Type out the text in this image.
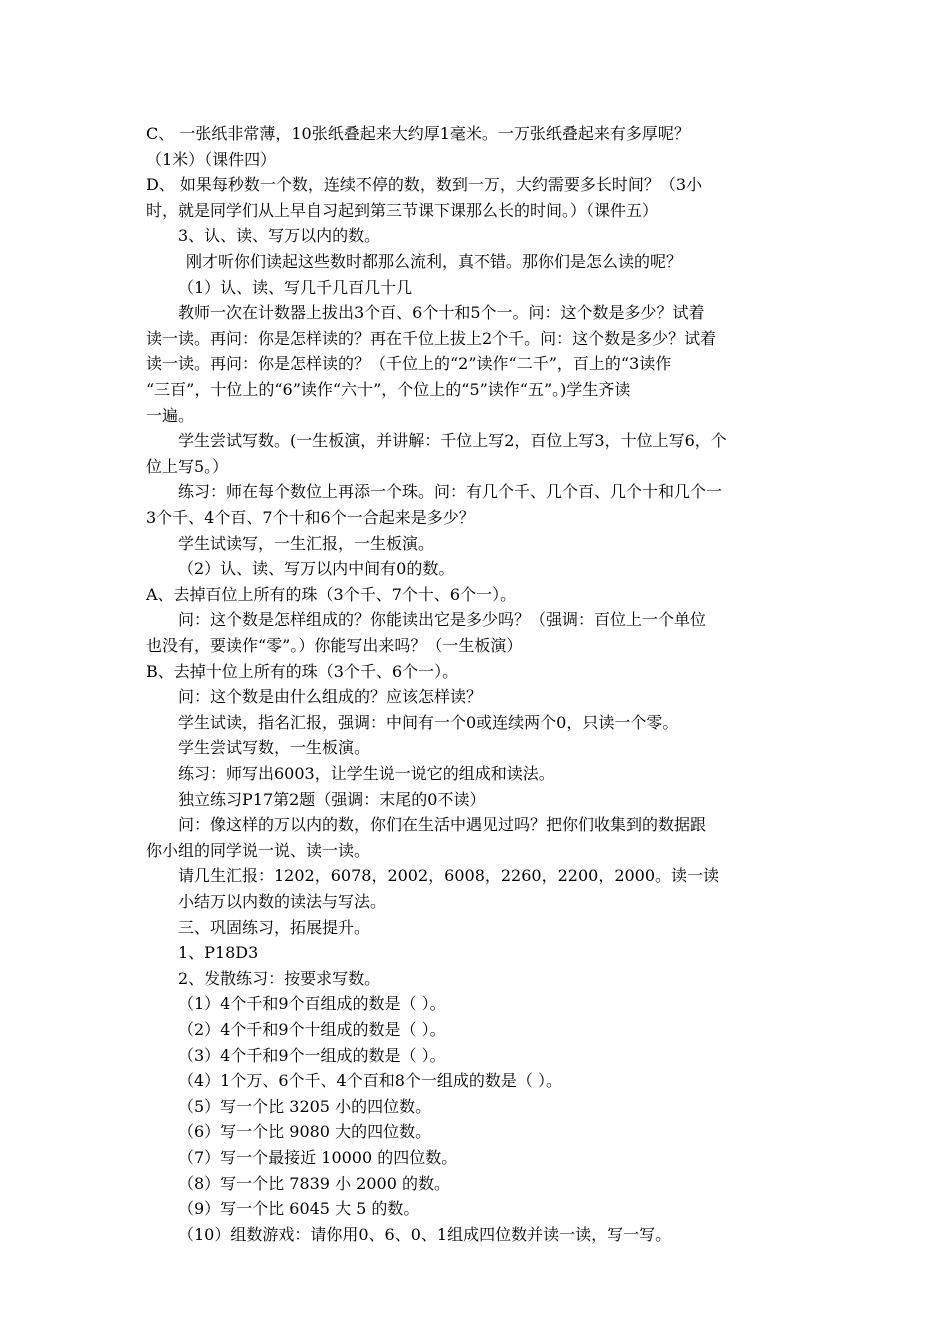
C、 一张纸非常薄，10张纸叠起来大约厚1毫米。一万张纸叠起来有多厚呢？
（1米）（课件四）
D、 如果每秒数一个数，连续不停的数，数到一万，大约需要多长时间？（3小
时，就是同学们从上早自习起到第三节课下课那么长的时间。）（课件五）
3、认、读、写万以内的数。
刚才听你们读起这些数时都那么流利，真不错。那你们是怎么读的呢？
（1）认、读、写几千几百几十几
教师一次在计数器上拔出3个百、6个十和5个一。问：这个数是多少？试着
读一读。再问：你是怎样读的？再在千位上拔上2个千。问：这个数是多少？试着
读一读。再问：你是怎样读的？（千位上的“2”读作“二千”，百上的“3读作
“三百”，十位上的“6”读作“六十”，个位上的“5”读作“五”。)学生齐读
一遍。
学生尝试写数。(一生板演，并讲解：千位上写2，百位上写3，十位上写6，个
位上写5。）
练习：师在每个数位上再添一个珠。问：有几个千、几个百、几个十和几个一
3个千、4个百、7个十和6个一合起来是多少？
学生试读写，一生汇报，一生板演。
（2）认、读、写万以内中间有0的数。
A、去掉百位上所有的珠（3个千、7个十、6个一）。
问：这个数是怎样组成的？你能读出它是多少吗？（强调：百位上一个单位
也没有，要读作“零”。）你能写出来吗？（一生板演）
B、去掉十位上所有的珠（3个千、6个一）。
问：这个数是由什么组成的？应该怎样读？
学生试读，指名汇报，强调：中间有一个0或连续两个0，只读一个零。
学生尝试写数，一生板演。
练习：师写出6003，让学生说一说它的组成和读法。
独立练习P17第2题（强调：末尾的0不读）
问：像这样的万以内的数，你们在生活中遇见过吗？把你们收集到的数据跟
你小组的同学说一说、读一读。
请几生汇报：1202，6078，2002，6008，2260，2200，2000。读一读
小结万以内数的读法与写法。
三、巩固练习，拓展提升。
1、P18D3
2、发散练习：按要求写数。
（1）4个千和9个百组成的数是（ ）。
（2）4个千和9个十组成的数是（ ）。
（3）4个千和9个一组成的数是（ ）。
（4）1个万、6个千、4个百和8个一组成的数是（ ）。
（5）写一个比 3205 小的四位数。
（6）写一个比 9080 大的四位数。
（7）写一个最接近 10000 的四位数。
（8）写一个比 7839 小 2000 的数。
（9）写一个比 6045 大 5 的数。
（10）组数游戏：请你用0、6、0、1组成四位数并读一读，写一写。
